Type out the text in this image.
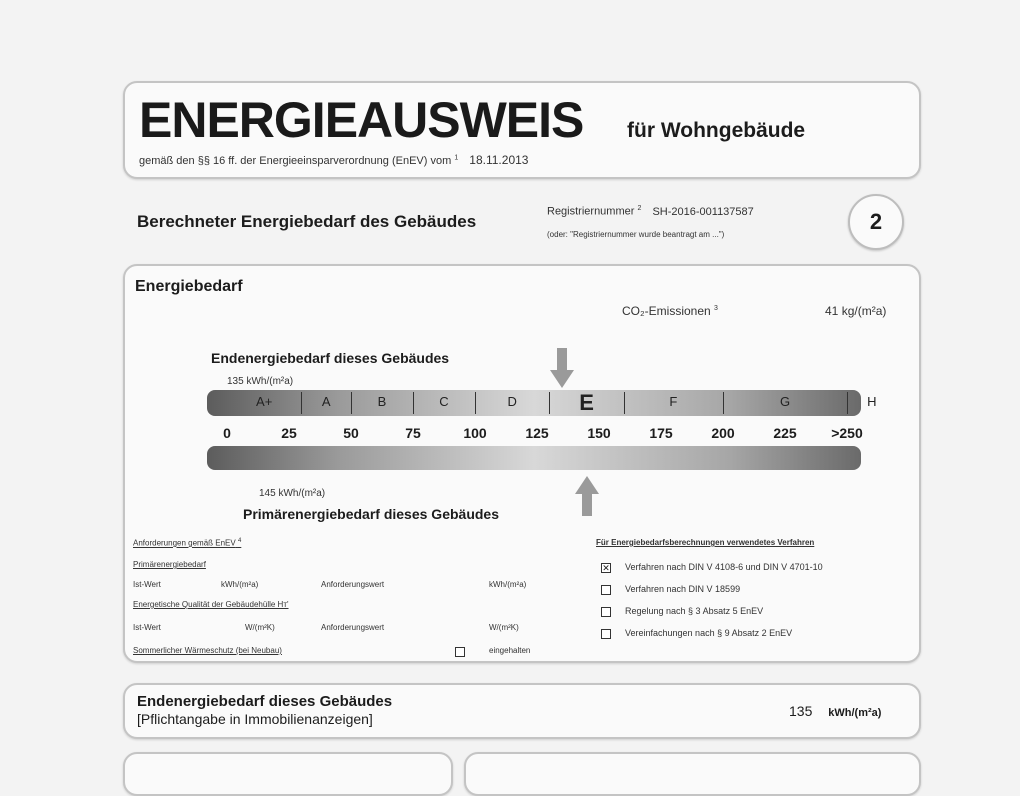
ENERGIEAUSWEIS für Wohngebäude
gemäß den §§ 16 ff. der Energieeinsparverordnung (EnEV) vom $^1$ 18.11.2013
Berechneter Energiebedarf des Gebäudes
Registriernummer $^2$ SH-2016-001137587
(oder: "Registriernummer wurde beantragt am ...")
2
Energiebedarf
CO₂-Emissionen $^3$	41 kg/(m²a)
Endenergiebedarf dieses Gebäudes
135 kWh/(m²a)
A+	A	B	C	D	E	F	G	H
0	25	50	75	100	125	150	175	200	225	>250
145 kWh/(m²a)
Primärenergiebedarf dieses Gebäudes
Anforderungen gemäß EnEV $^4$
Primärenergiebedarf
Ist-Wert	kWh/(m²a)	Anforderungswert	kWh/(m²a)
Energetische Qualität der Gebäudehülle Hт'
Ist-Wert	W/(m²K)	Anforderungswert	W/(m²K)
Sommerlicher Wärmeschutz (bei Neubau)	eingehalten
Für Energiebedarfsberechnungen verwendetes Verfahren
✕ Verfahren nach DIN V 4108-6 und DIN V 4701-10
Verfahren nach DIN V 18599
Regelung nach § 3 Absatz 5 EnEV
Vereinfachungen nach § 9 Absatz 2 EnEV
Endenergiebedarf dieses Gebäudes
[Pflichtangabe in Immobilienanzeigen]	135 kWh/(m²a)
